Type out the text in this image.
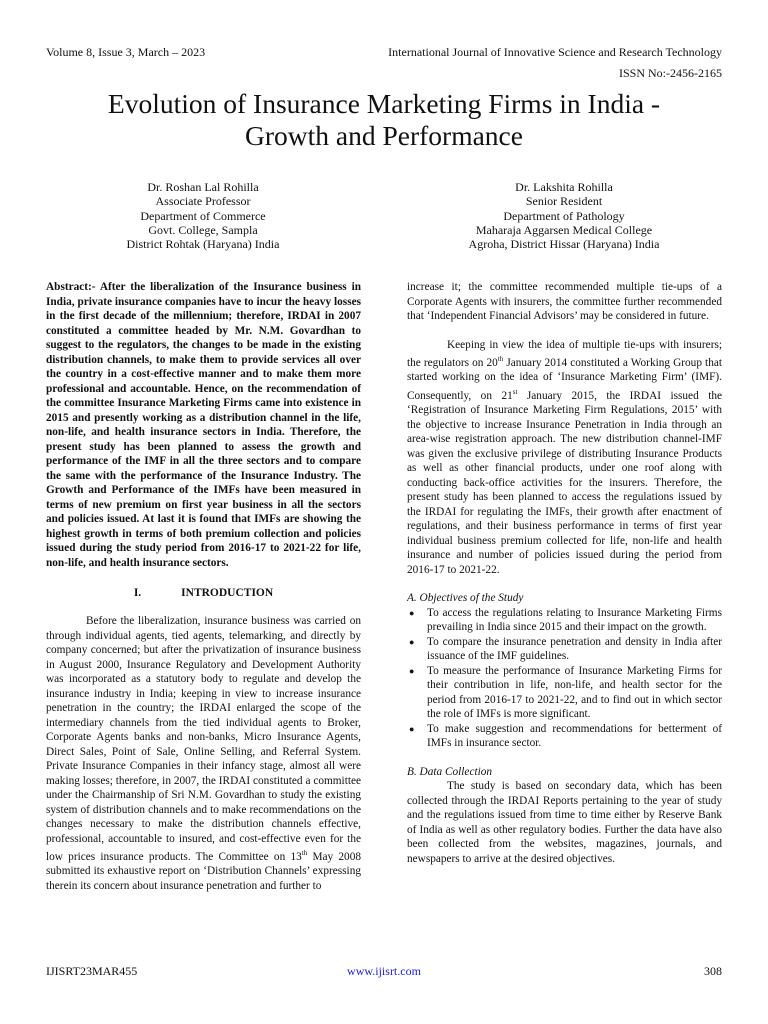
Volume 8, Issue 3, March – 2023	International Journal of Innovative Science and Research Technology
ISSN No:-2456-2165
Evolution of Insurance Marketing Firms in India -
Growth and Performance
Dr. Roshan Lal Rohilla
Associate Professor
Department of Commerce
Govt. College, Sampla
District Rohtak (Haryana) India
Dr. Lakshita Rohilla
Senior Resident
Department of Pathology
Maharaja Aggarsen Medical College
Agroha, District Hissar (Haryana) India

Abstract:- After the liberalization of the Insurance business in India, private insurance companies have to incur the heavy losses in the first decade of the millennium; therefore, IRDAI in 2007 constituted a committee headed by Mr. N.M. Govardhan to suggest to the regulators, the changes to be made in the existing distribution channels, to make them to provide services all over the country in a cost-effective manner and to make them more professional and accountable. Hence, on the recommendation of the committee Insurance Marketing Firms came into existence in 2015 and presently working as a distribution channel in the life, non-life, and health insurance sectors in India. Therefore, the present study has been planned to assess the growth and performance of the IMF in all the three sectors and to compare the same with the performance of the Insurance Industry. The Growth and Performance of the IMFs have been measured in terms of new premium on first year business in all the sectors and policies issued. At last it is found that IMFs are showing the highest growth in terms of both premium collection and policies issued during the study period from 2016-17 to 2021-22 for life, non-life, and health insurance sectors.

I.	INTRODUCTION

Before the liberalization, insurance business was carried on through individual agents, tied agents, telemarking, and directly by company concerned; but after the privatization of insurance business in August 2000, Insurance Regulatory and Development Authority was incorporated as a statutory body to regulate and develop the insurance industry in India; keeping in view to increase insurance penetration in the country; the IRDAI enlarged the scope of the intermediary channels from the tied individual agents to Broker, Corporate Agents banks and non-banks, Micro Insurance Agents, Direct Sales, Point of Sale, Online Selling, and Referral System. Private Insurance Companies in their infancy stage, almost all were making losses; therefore, in 2007, the IRDAI constituted a committee under the Chairmanship of Sri N.M. Govardhan to study the existing system of distribution channels and to make recommendations on the changes necessary to make the distribution channels effective, professional, accountable to insured, and cost-effective even for the low prices insurance products. The Committee on 13th May 2008 submitted its exhaustive report on ‘Distribution Channels’ expressing therein its concern about insurance penetration and further to

increase it; the committee recommended multiple tie-ups of a Corporate Agents with insurers, the committee further recommended that ‘Independent Financial Advisors’ may be considered in future.

Keeping in view the idea of multiple tie-ups with insurers; the regulators on 20th January 2014 constituted a Working Group that started working on the idea of ‘Insurance Marketing Firm’ (IMF). Consequently, on 21st January 2015, the IRDAI issued the ‘Registration of Insurance Marketing Firm Regulations, 2015’ with the objective to increase Insurance Penetration in India through an area-wise registration approach. The new distribution channel-IMF was given the exclusive privilege of distributing Insurance Products as well as other financial products, under one roof along with conducting back-office activities for the insurers. Therefore, the present study has been planned to access the regulations issued by the IRDAI for regulating the IMFs, their growth after enactment of regulations, and their business performance in terms of first year individual business premium collected for life, non-life and health insurance and number of policies issued during the period from 2016-17 to 2021-22.

A. Objectives of the Study

● To access the regulations relating to Insurance Marketing Firms prevailing in India since 2015 and their impact on the growth.
● To compare the insurance penetration and density in India after issuance of the IMF guidelines.
● To measure the performance of Insurance Marketing Firms for their contribution in life, non-life, and health sector for the period from 2016-17 to 2021-22, and to find out in which sector the role of IMFs is more significant.
● To make suggestion and recommendations for betterment of IMFs in insurance sector.

B. Data Collection

The study is based on secondary data, which has been collected through the IRDAI Reports pertaining to the year of study and the regulations issued from time to time either by Reserve Bank of India as well as other regulatory bodies. Further the data have also been collected from the websites, magazines, journals, and newspapers to arrive at the desired objectives.

IJISRT23MAR455	www.ijisrt.com	308
